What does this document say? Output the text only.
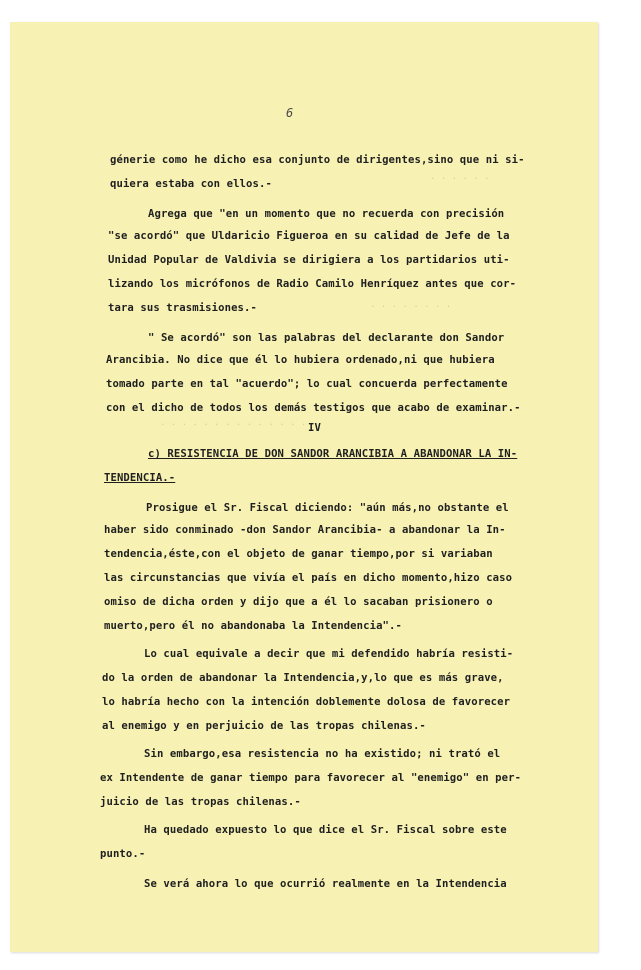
6
. . . . . .
. . . . . . . .
. . . . . . . . . . . . . .
génerie como he dicho esa conjunto de dirigentes,sino que ni si-
quiera estaba con ellos.-
Agrega que "en un momento que no recuerda con precisión
"se acordó" que Uldaricio Figueroa en su calidad de Jefe de la
Unidad Popular de Valdivia se dirigiera a los partidarios uti-
lizando los micrófonos de Radio Camilo Henríquez antes que cor-
tara sus trasmisiones.-
" Se acordó" son las palabras del declarante don Sandor
Arancibia. No dice que él lo hubiera ordenado,ni que hubiera
tomado parte en tal "acuerdo"; lo cual concuerda perfectamente
con el dicho de todos los demás testigos que acabo de examinar.-
IV
c) RESISTENCIA DE DON SANDOR ARANCIBIA A ABANDONAR LA IN-
TENDENCIA.-
Prosigue el Sr. Fiscal diciendo: "aún más,no obstante el
haber sido conminado -don Sandor Arancibia- a abandonar la In-
tendencia,éste,con el objeto de ganar tiempo,por si variaban
las circunstancias que vivía el país en dicho momento,hizo caso
omiso de dicha orden y dijo que a él lo sacaban prisionero o
muerto,pero él no abandonaba la Intendencia".-
Lo cual equivale a decir que mi defendido habría resisti-
do la orden de abandonar la Intendencia,y,lo que es más grave,
lo habría hecho con la intención doblemente dolosa de favorecer
al enemigo y en perjuicio de las tropas chilenas.-
Sin embargo,esa resistencia no ha existido; ni trató el
ex Intendente de ganar tiempo para favorecer al "enemigo" en per-
juicio de las tropas chilenas.-
Ha quedado expuesto lo que dice el Sr. Fiscal sobre este
punto.-
Se verá ahora lo que ocurrió realmente en la Intendencia
